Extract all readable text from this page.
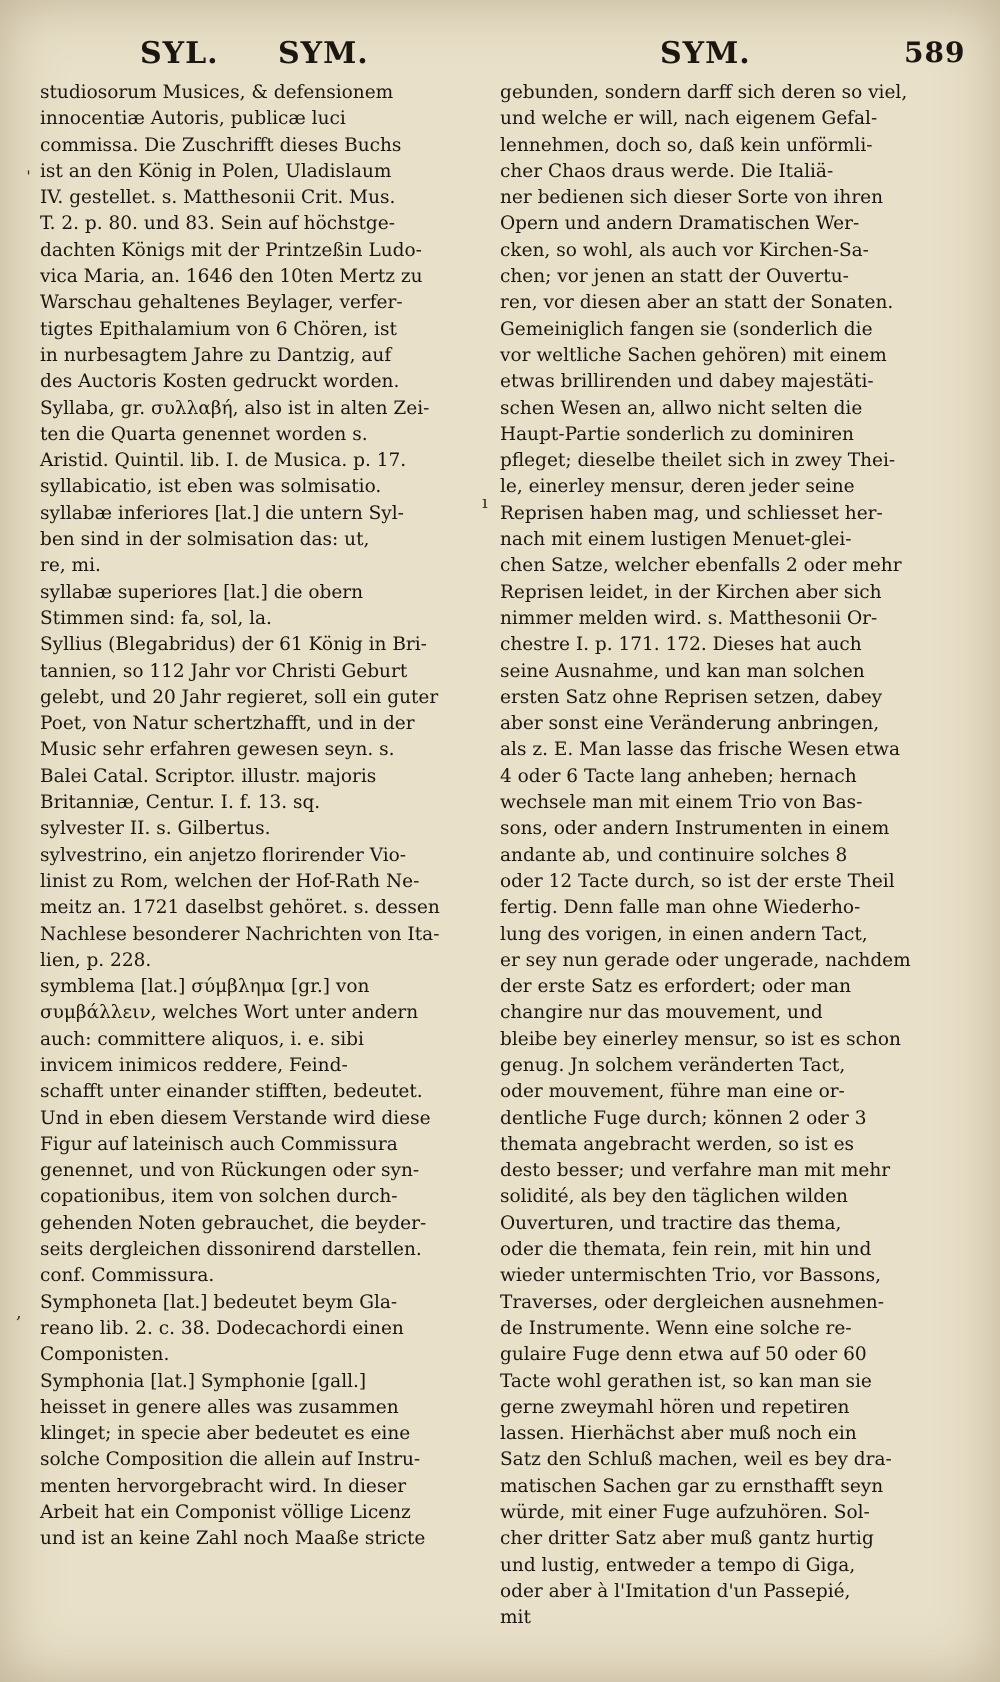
SYL. SYM.	SYM.	589
studiosorum Musices, & defensionem
innocentiæ Autoris, publicæ luci
commissa. Die Zuschrifft dieses Buchs
ist an den König in Polen, Uladislaum
IV. gestellet. s. Matthesonii Crit. Mus.
T. 2. p. 80. und 83. Sein auf höchstge-
dachten Königs mit der Printzeßin Ludo-
vica Maria, an. 1646 den 10ten Mertz zu
Warschau gehaltenes Beylager, verfer-
tigtes Epithalamium von 6 Chören, ist
in nurbesagtem Jahre zu Dantzig, auf
des Auctoris Kosten gedruckt worden.
Syllaba, gr. συλλαβή, also ist in alten Zei-
ten die Quarta genennet worden s.
Aristid. Quintil. lib. I. de Musica. p. 17.
syllabicatio, ist eben was solmisatio.
syllabæ inferiores [lat.] die untern Syl-
ben sind in der solmisation das: ut,
re, mi.
syllabæ superiores [lat.] die obern
Stimmen sind: fa, sol, la.
Syllius (Blegabridus) der 61 König in Bri-
tannien, so 112 Jahr vor Christi Geburt
gelebt, und 20 Jahr regieret, soll ein guter
Poet, von Natur schertzhafft, und in der
Music sehr erfahren gewesen seyn. s.
Balei Catal. Scriptor. illustr. majoris
Britanniæ, Centur. I. f. 13. sq.
sylvester II. s. Gilbertus.
sylvestrino, ein anjetzo florirender Vio-
linist zu Rom, welchen der Hof-Rath Ne-
meitz an. 1721 daselbst gehöret. s. dessen
Nachlese besonderer Nachrichten von Ita-
lien, p. 228.
symblema [lat.] σύμβλημα [gr.] von
συμβάλλειν, welches Wort unter andern
auch: committere aliquos, i. e. sibi
invicem inimicos reddere, Feind-
schafft unter einander stifften, bedeutet.
Und in eben diesem Verstande wird diese
Figur auf lateinisch auch Commissura
genennet, und von Rückungen oder syn-
copationibus, item von solchen durch-
gehenden Noten gebrauchet, die beyder-
seits dergleichen dissonirend darstellen.
conf. Commissura.
Symphoneta [lat.] bedeutet beym Gla-
reano lib. 2. c. 38. Dodecachordi einen
Componisten.
Symphonia [lat.] Symphonie [gall.]
heisset in genere alles was zusammen
klinget; in specie aber bedeutet es eine
solche Composition die allein auf Instru-
menten hervorgebracht wird. In dieser
Arbeit hat ein Componist völlige Licenz
und ist an keine Zahl noch Maaße stricte
gebunden, sondern darff sich deren so viel,
und welche er will, nach eigenem Gefal-
lennehmen, doch so, daß kein unförmli-
cher Chaos draus werde. Die Italiä-
ner bedienen sich dieser Sorte von ihren
Opern und andern Dramatischen Wer-
cken, so wohl, als auch vor Kirchen-Sa-
chen; vor jenen an statt der Ouvertu-
ren, vor diesen aber an statt der Sonaten.
Gemeiniglich fangen sie (sonderlich die
vor weltliche Sachen gehören) mit einem
etwas brillirenden und dabey majestäti-
schen Wesen an, allwo nicht selten die
Haupt-Partie sonderlich zu dominiren
pfleget; dieselbe theilet sich in zwey Thei-
le, einerley mensur, deren jeder seine
Reprisen haben mag, und schliesset her-
nach mit einem lustigen Menuet-glei-
chen Satze, welcher ebenfalls 2 oder mehr
Reprisen leidet, in der Kirchen aber sich
nimmer melden wird. s. Matthesonii Or-
chestre I. p. 171. 172. Dieses hat auch
seine Ausnahme, und kan man solchen
ersten Satz ohne Reprisen setzen, dabey
aber sonst eine Veränderung anbringen,
als z. E. Man lasse das frische Wesen etwa
4 oder 6 Tacte lang anheben; hernach
wechsele man mit einem Trio von Bas-
sons, oder andern Instrumenten in einem
andante ab, und continuire solches 8
oder 12 Tacte durch, so ist der erste Theil
fertig. Denn falle man ohne Wiederho-
lung des vorigen, in einen andern Tact,
er sey nun gerade oder ungerade, nachdem
der erste Satz es erfordert; oder man
changire nur das mouvement, und
bleibe bey einerley mensur, so ist es schon
genug. Jn solchem veränderten Tact,
oder mouvement, führe man eine or-
dentliche Fuge durch; können 2 oder 3
themata angebracht werden, so ist es
desto besser; und verfahre man mit mehr
solidité, als bey den täglichen wilden
Ouverturen, und tractire das thema,
oder die themata, fein rein, mit hin und
wieder untermischten Trio, vor Bassons,
Traverses, oder dergleichen ausnehmen-
de Instrumente. Wenn eine solche re-
gulaire Fuge denn etwa auf 50 oder 60
Tacte wohl gerathen ist, so kan man sie
gerne zweymahl hören und repetiren
lassen. Hierhächst aber muß noch ein
Satz den Schluß machen, weil es bey dra-
matischen Sachen gar zu ernsthafft seyn
würde, mit einer Fuge aufzuhören. Sol-
cher dritter Satz aber muß gantz hurtig
und lustig, entweder a tempo di Giga,
oder aber à l'Imitation d'un Passepié,
mit
ˈ
,
ı
